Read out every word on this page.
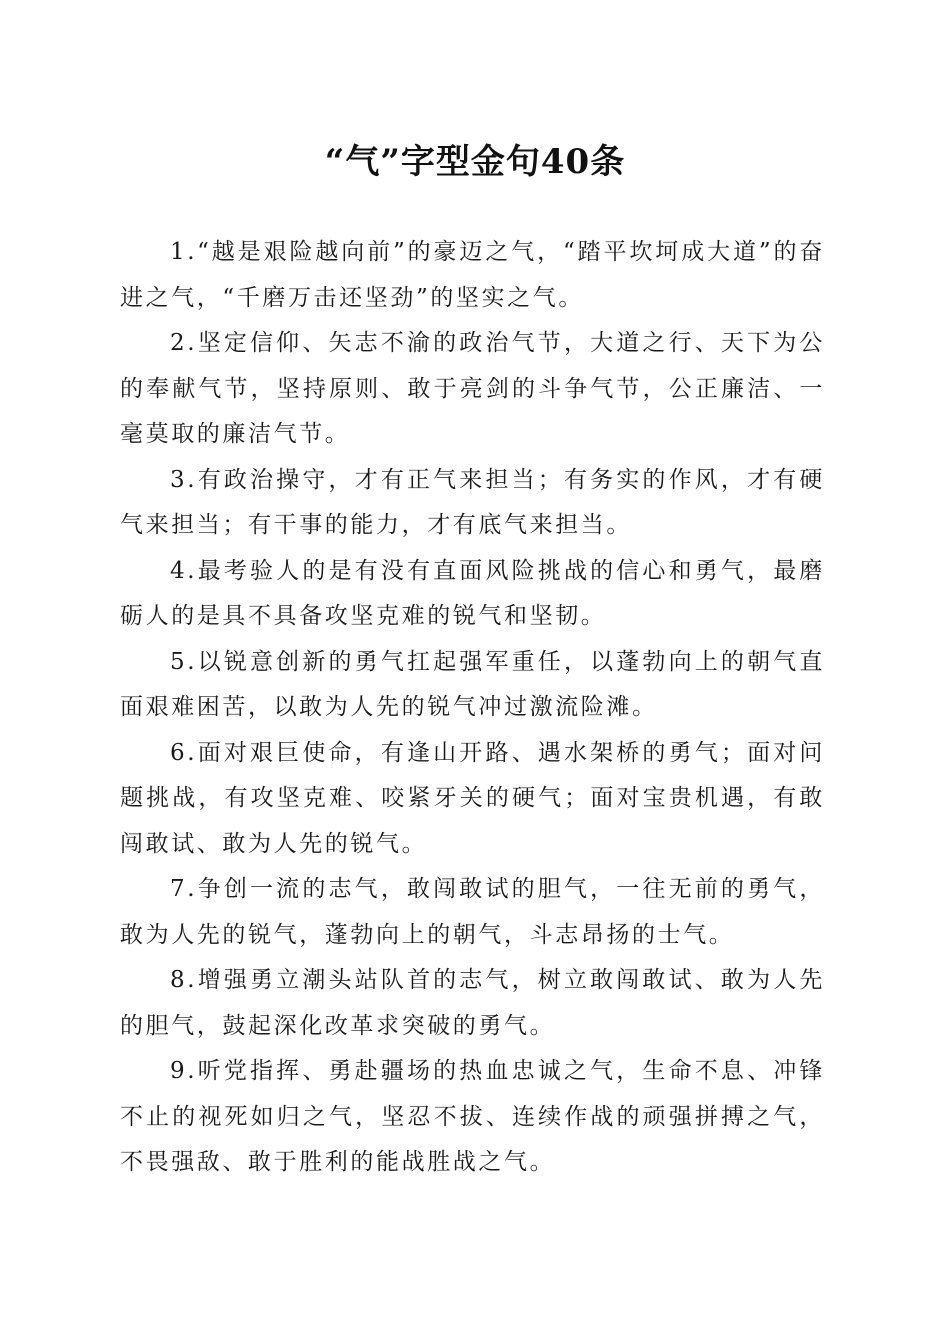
“气”字型金句40条

1.“越是艰险越向前”的豪迈之气，“踏平坎坷成大道”的奋进之气，“千磨万击还坚劲”的坚实之气。

2.坚定信仰、矢志不渝的政治气节，大道之行、天下为公的奉献气节，坚持原则、敢于亮剑的斗争气节，公正廉洁、一毫莫取的廉洁气节。

3.有政治操守，才有正气来担当；有务实的作风，才有硬气来担当；有干事的能力，才有底气来担当。

4.最考验人的是有没有直面风险挑战的信心和勇气，最磨砺人的是具不具备攻坚克难的锐气和坚韧。

5.以锐意创新的勇气扛起强军重任，以蓬勃向上的朝气直面艰难困苦，以敢为人先的锐气冲过激流险滩。

6.面对艰巨使命，有逢山开路、遇水架桥的勇气；面对问题挑战，有攻坚克难、咬紧牙关的硬气；面对宝贵机遇，有敢闯敢试、敢为人先的锐气。

7.争创一流的志气，敢闯敢试的胆气，一往无前的勇气，敢为人先的锐气，蓬勃向上的朝气，斗志昂扬的士气。

8.增强勇立潮头站队首的志气，树立敢闯敢试、敢为人先的胆气，鼓起深化改革求突破的勇气。

9.听党指挥、勇赴疆场的热血忠诚之气，生命不息、冲锋不止的视死如归之气，坚忍不拔、连续作战的顽强拼搏之气，不畏强敌、敢于胜利的能战胜战之气。
